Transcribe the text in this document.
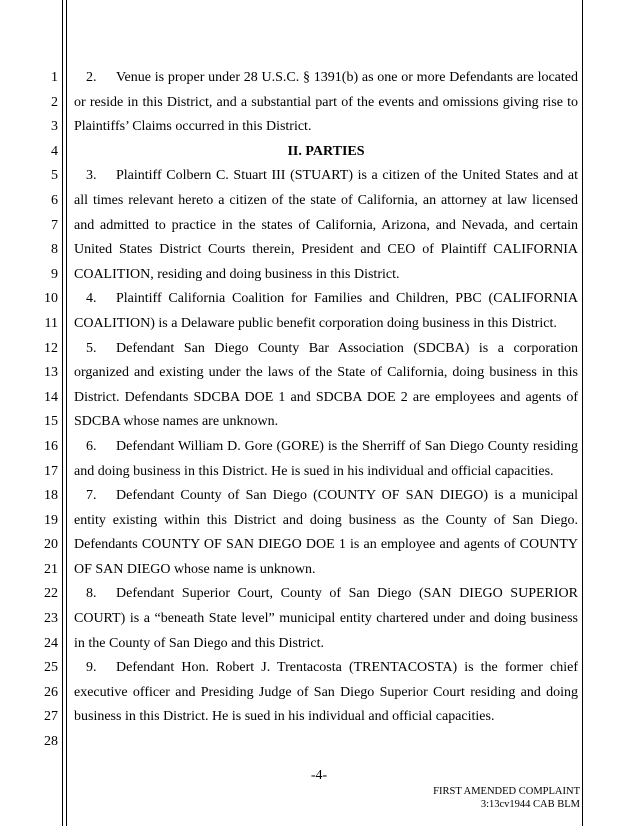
1
2
3
4
5
6
7
8
9
10
11
12
13
14
15
16
17
18
19
20
21
22
23
24
25
26
27
28

2. Venue is proper under 28 U.S.C. § 1391(b) as one or more Defendants are located or reside in this District, and a substantial part of the events and omissions giving rise to Plaintiffs’ Claims occurred in this District.

II. PARTIES

3. Plaintiff Colbern C. Stuart III (STUART) is a citizen of the United States and at all times relevant hereto a citizen of the state of California, an attorney at law licensed and admitted to practice in the states of California, Arizona, and Nevada, and certain United States District Courts therein, President and CEO of Plaintiff CALIFORNIA COALITION, residing and doing business in this District.

4. Plaintiff California Coalition for Families and Children, PBC (CALIFORNIA COALITION) is a Delaware public benefit corporation doing business in this District.

5. Defendant San Diego County Bar Association (SDCBA) is a corporation organized and existing under the laws of the State of California, doing business in this District. Defendants SDCBA DOE 1 and SDCBA DOE 2 are employees and agents of SDCBA whose names are unknown.

6. Defendant William D. Gore (GORE) is the Sherriff of San Diego County residing and doing business in this District. He is sued in his individual and official capacities.

7. Defendant County of San Diego (COUNTY OF SAN DIEGO) is a municipal entity existing within this District and doing business as the County of San Diego. Defendants COUNTY OF SAN DIEGO DOE 1 is an employee and agents of COUNTY OF SAN DIEGO whose name is unknown.

8. Defendant Superior Court, County of San Diego (SAN DIEGO SUPERIOR COURT) is a “beneath State level” municipal entity chartered under and doing business in the County of San Diego and this District.

9. Defendant Hon. Robert J. Trentacosta (TRENTACOSTA) is the former chief executive officer and Presiding Judge of San Diego Superior Court residing and doing business in this District. He is sued in his individual and official capacities.

-4-
FIRST AMENDED COMPLAINT
3:13cv1944 CAB BLM
